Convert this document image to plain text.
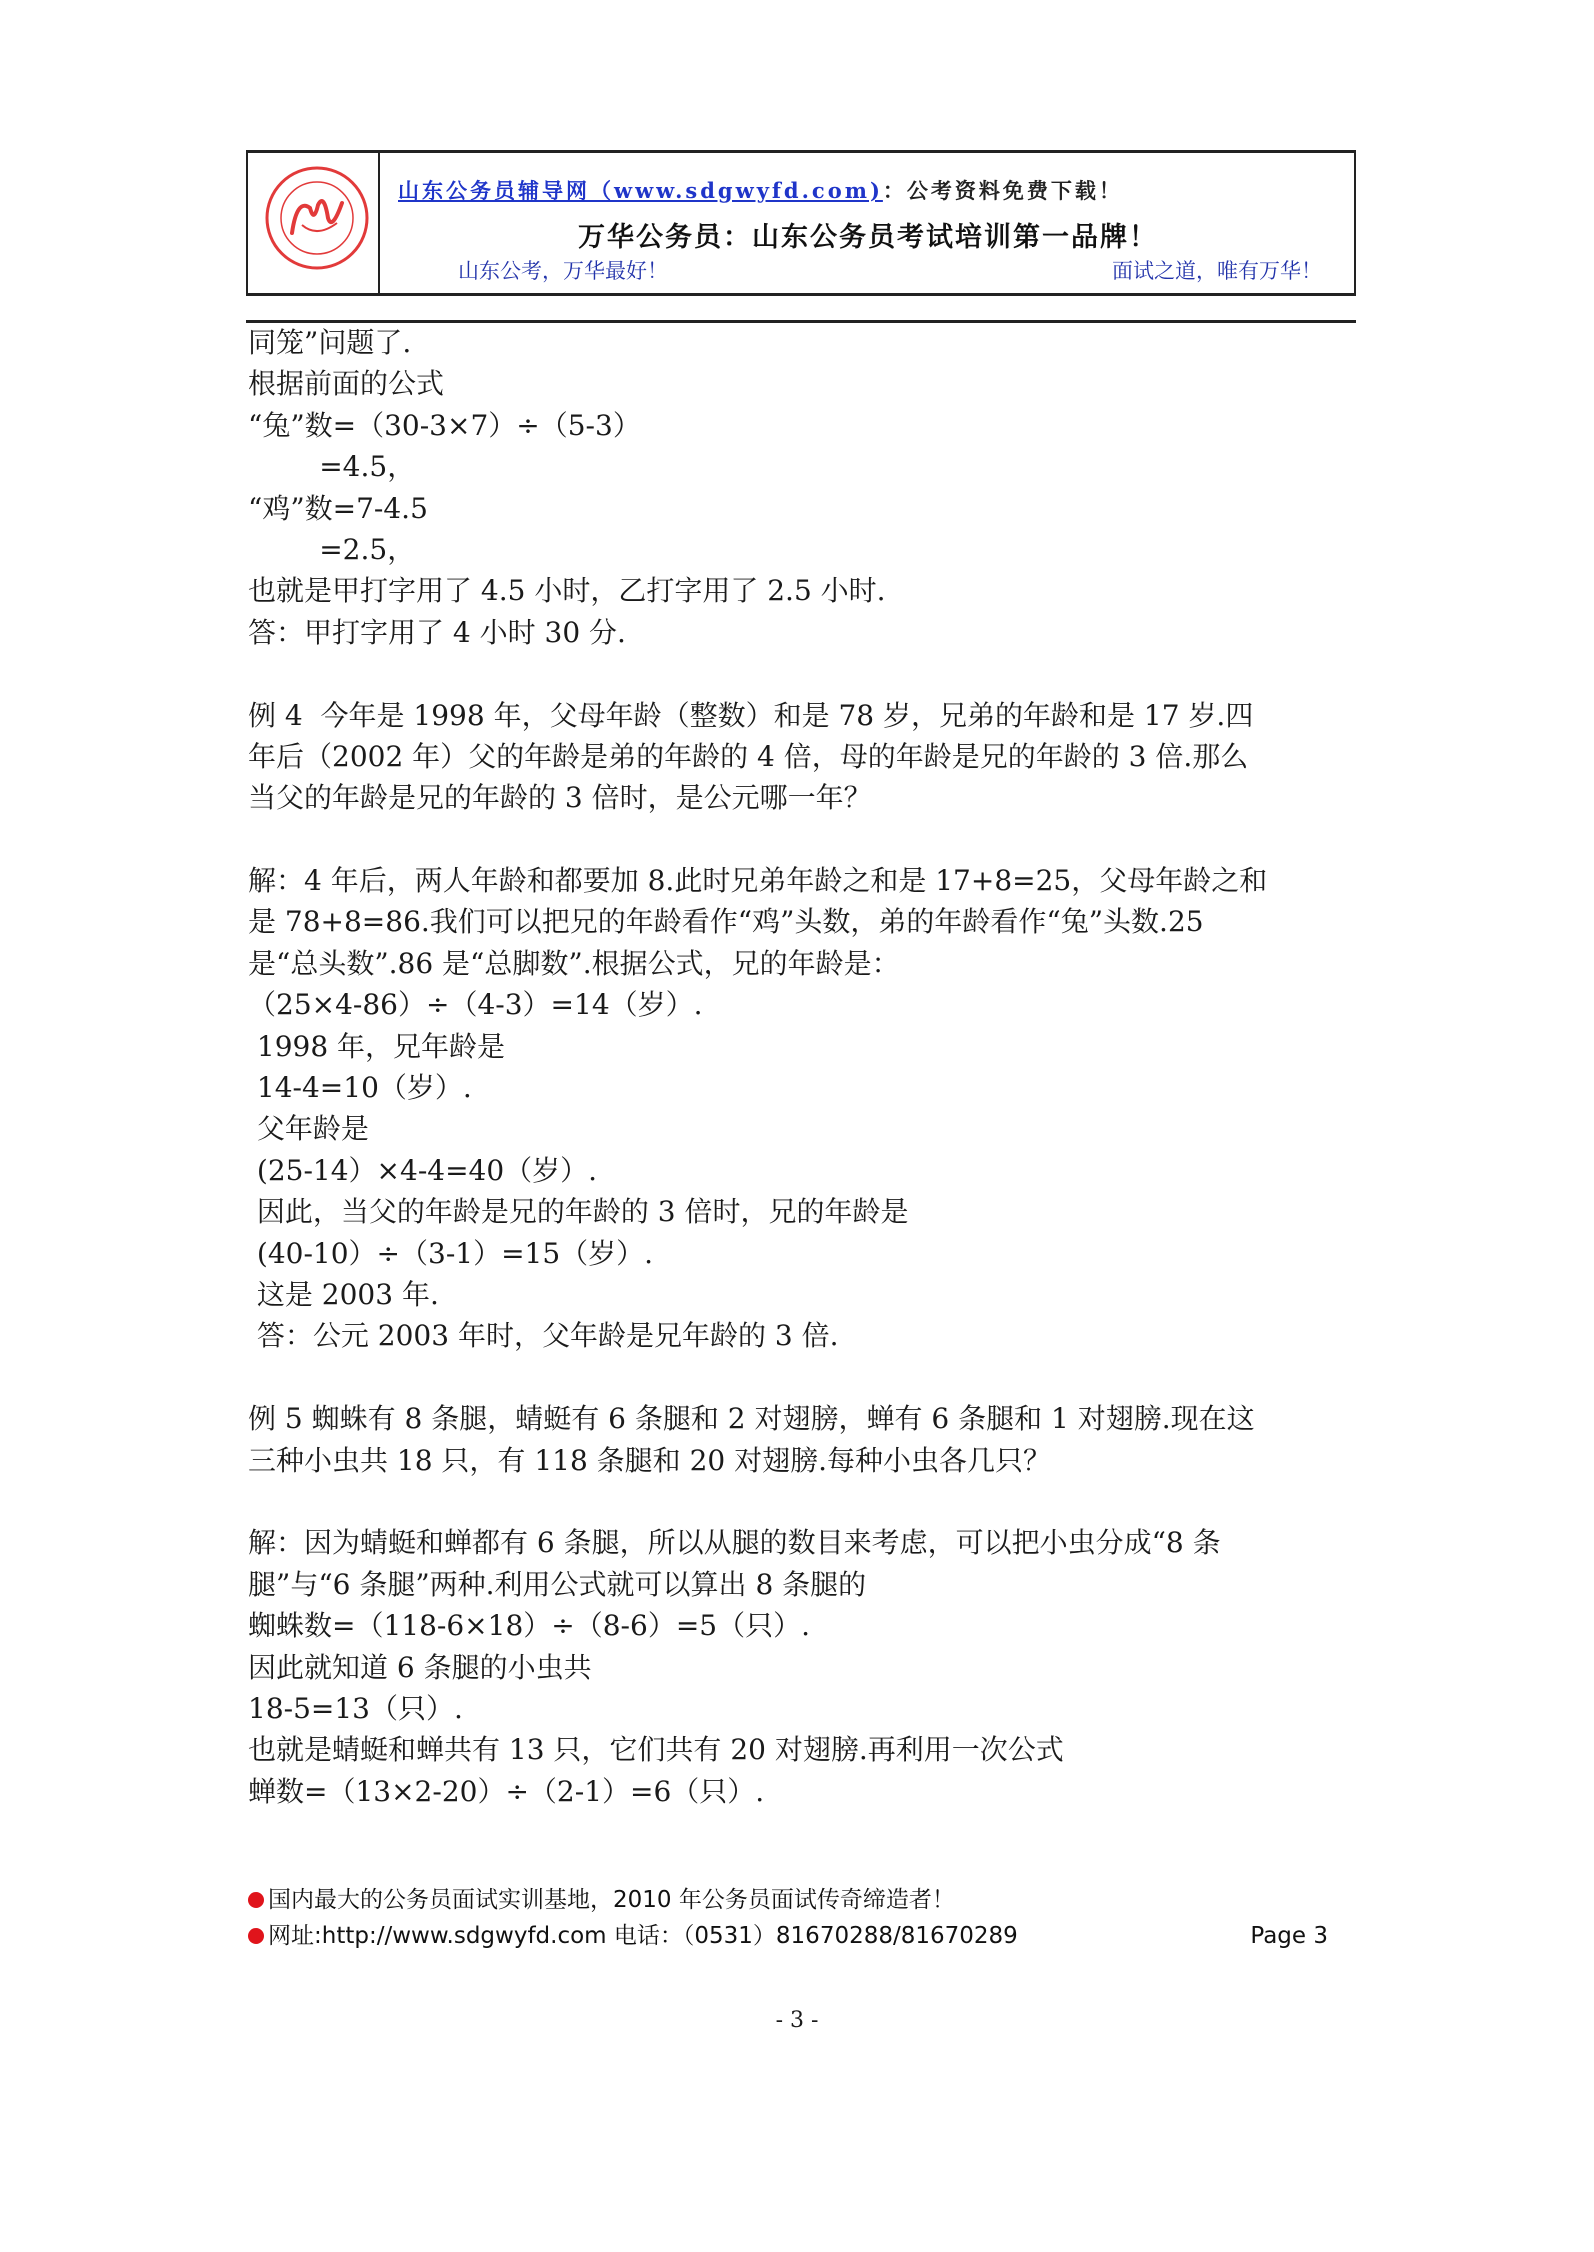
山东公务员辅导网（www.sdgwyfd.com)：公考资料免费下载！
万华公务员：山东公务员考试培训第一品牌！
山东公考，万华最好！	面试之道，唯有万华！
同笼”问题了.
根据前面的公式
“兔”数=（30-3×7）÷（5-3）
=4.5，
“鸡”数=7-4.5
=2.5，
也就是甲打字用了 4.5 小时，乙打字用了 2.5 小时.
答：甲打字用了 4 小时 30 分.
例 4  今年是 1998 年，父母年龄（整数）和是 78 岁，兄弟的年龄和是 17 岁.四
年后（2002 年）父的年龄是弟的年龄的 4 倍，母的年龄是兄的年龄的 3 倍.那么
当父的年龄是兄的年龄的 3 倍时，是公元哪一年？
解：4 年后，两人年龄和都要加 8.此时兄弟年龄之和是 17+8=25，父母年龄之和
是 78+8=86.我们可以把兄的年龄看作“鸡”头数，弟的年龄看作“兔”头数.25
是“总头数”.86 是“总脚数”.根据公式，兄的年龄是：
（25×4-86）÷（4-3）=14（岁）.
1998 年，兄年龄是
14-4=10（岁）.
父年龄是
(25-14）×4-4=40（岁）.
因此，当父的年龄是兄的年龄的 3 倍时，兄的年龄是
(40-10）÷（3-1）=15（岁）.
这是 2003 年.
答：公元 2003 年时，父年龄是兄年龄的 3 倍.
例 5 蜘蛛有 8 条腿，蜻蜓有 6 条腿和 2 对翅膀，蝉有 6 条腿和 1 对翅膀.现在这
三种小虫共 18 只，有 118 条腿和 20 对翅膀.每种小虫各几只？
解：因为蜻蜓和蝉都有 6 条腿，所以从腿的数目来考虑，可以把小虫分成“8 条
腿”与“6 条腿”两种.利用公式就可以算出 8 条腿的
蜘蛛数=（118-6×18）÷（8-6）=5（只）.
因此就知道 6 条腿的小虫共
18-5=13（只）.
也就是蜻蜓和蝉共有 13 只，它们共有 20 对翅膀.再利用一次公式
蝉数=（13×2-20）÷（2-1）=6（只）.
国内最大的公务员面试实训基地，2010 年公务员面试传奇缔造者！
网址:http://www.sdgwyfd.com 电话：（0531）81670288/81670289	Page 3
- 3 -
